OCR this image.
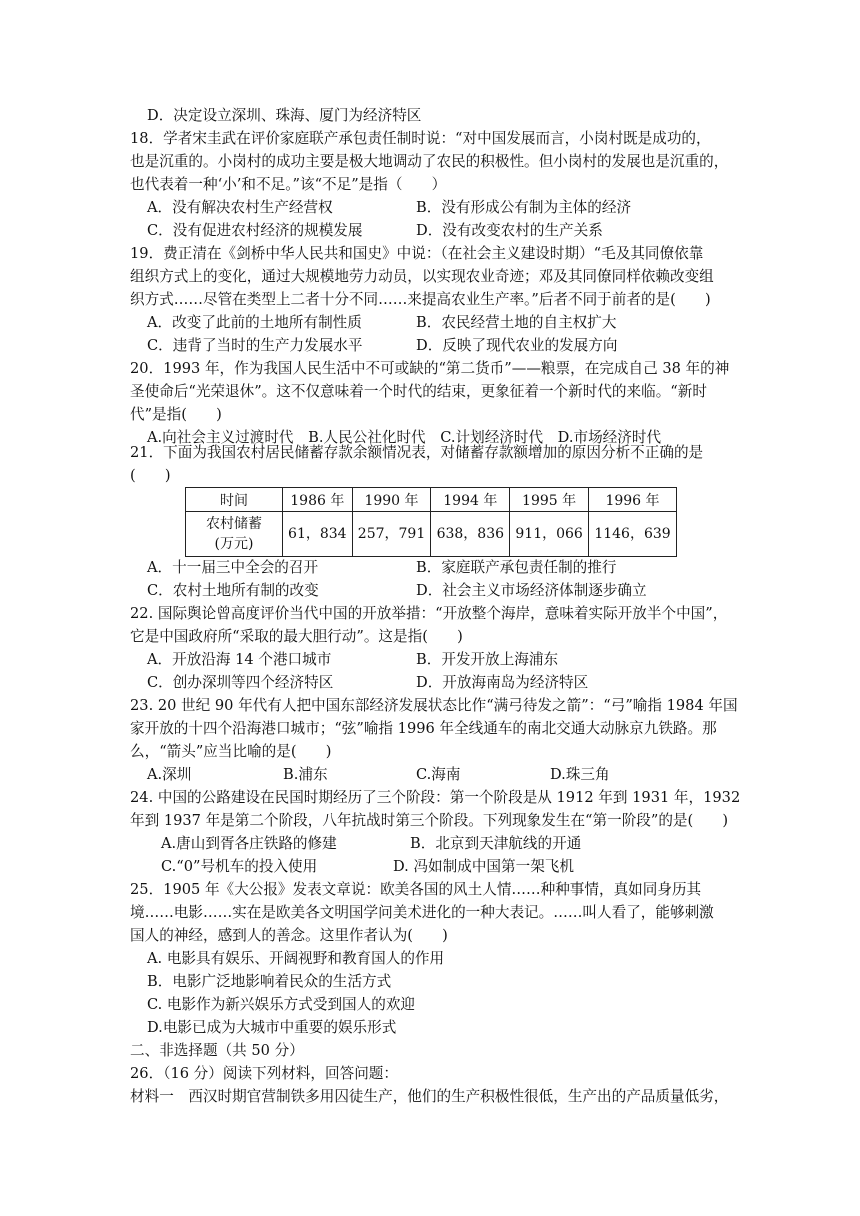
D．决定设立深圳、珠海、厦门为经济特区
18．学者宋圭武在评价家庭联产承包责任制时说：“对中国发展而言，小岗村既是成功的，
也是沉重的。小岗村的成功主要是极大地调动了农民的积极性。但小岗村的发展也是沉重的，
也代表着一种‘小’和不足。”该“不足”是指（　　）
A．没有解决农村生产经营权	B．没有形成公有制为主体的经济
C．没有促进农村经济的规模发展	D．没有改变农村的生产关系
19．费正清在《剑桥中华人民共和国史》中说：（在社会主义建设时期）“毛及其同僚依靠
组织方式上的变化，通过大规模地劳力动员，以实现农业奇迹；邓及其同僚同样依赖改变组
织方式……尽管在类型上二者十分不同……来提高农业生产率。”后者不同于前者的是(　　)
A．改变了此前的土地所有制性质	B．农民经营土地的自主权扩大
C．违背了当时的生产力发展水平	D．反映了现代农业的发展方向
20．1993 年，作为我国人民生活中不可或缺的“第二货币”——粮票，在完成自己 38 年的神
圣使命后“光荣退休”。这不仅意味着一个时代的结束，更象征着一个新时代的来临。“新时
代”是指(　　)
A.向社会主义过渡时代　B.人民公社化时代　C.计划经济时代　D.市场经济时代
21．下面为我国农村居民储蓄存款余额情况表，对储蓄存款额增加的原因分析不正确的是
(　　)
时间	1986 年	1990 年	1994 年	1995 年	1996 年

农村储蓄
(万元)	61，834	257，791	638，836	911，066	1146，639
A．十一届三中全会的召开	B．家庭联产承包责任制的推行
C．农村土地所有制的改变	D．社会主义市场经济体制逐步确立
22. 国际舆论曾高度评价当代中国的开放举措：“开放整个海岸，意味着实际开放半个中国”，
它是中国政府所“采取的最大胆行动”。这是指(　　)
A．开放沿海 14 个港口城市	B．开发开放上海浦东
C．创办深圳等四个经济特区	D．开放海南岛为经济特区
23. 20 世纪 90 年代有人把中国东部经济发展状态比作“满弓待发之箭”：“弓”喻指 1984 年国
家开放的十四个沿海港口城市；“弦”喻指 1996 年全线通车的南北交通大动脉京九铁路。那
么，“箭头”应当比喻的是(　　)
A.深圳	B.浦东	C.海南	D.珠三角
24. 中国的公路建设在民国时期经历了三个阶段：第一个阶段是从 1912 年到 1931 年，1932
年到 1937 年是第二个阶段，八年抗战时第三个阶段。下列现象发生在“第一阶段”的是(　　)
A.唐山到胥各庄铁路的修建	B．北京到天津航线的开通
C.“0”号机车的投入使用	D. 冯如制成中国第一架飞机
25．1905 年《大公报》发表文章说：欧美各国的风土人情……种种事情，真如同身历其
境……电影……实在是欧美各文明国学问美术进化的一种大表记。……叫人看了，能够刺激
国人的神经，感到人的善念。这里作者认为(　　)
A. 电影具有娱乐、开阔视野和教育国人的作用
B．电影广泛地影响着民众的生活方式
C. 电影作为新兴娱乐方式受到国人的欢迎
D.电影已成为大城市中重要的娱乐形式
二、非选择题（共 50 分）
26．（16 分）阅读下列材料，回答问题：
材料一　西汉时期官营制铁多用囚徒生产，他们的生产积极性很低，生产出的产品质量低劣，
